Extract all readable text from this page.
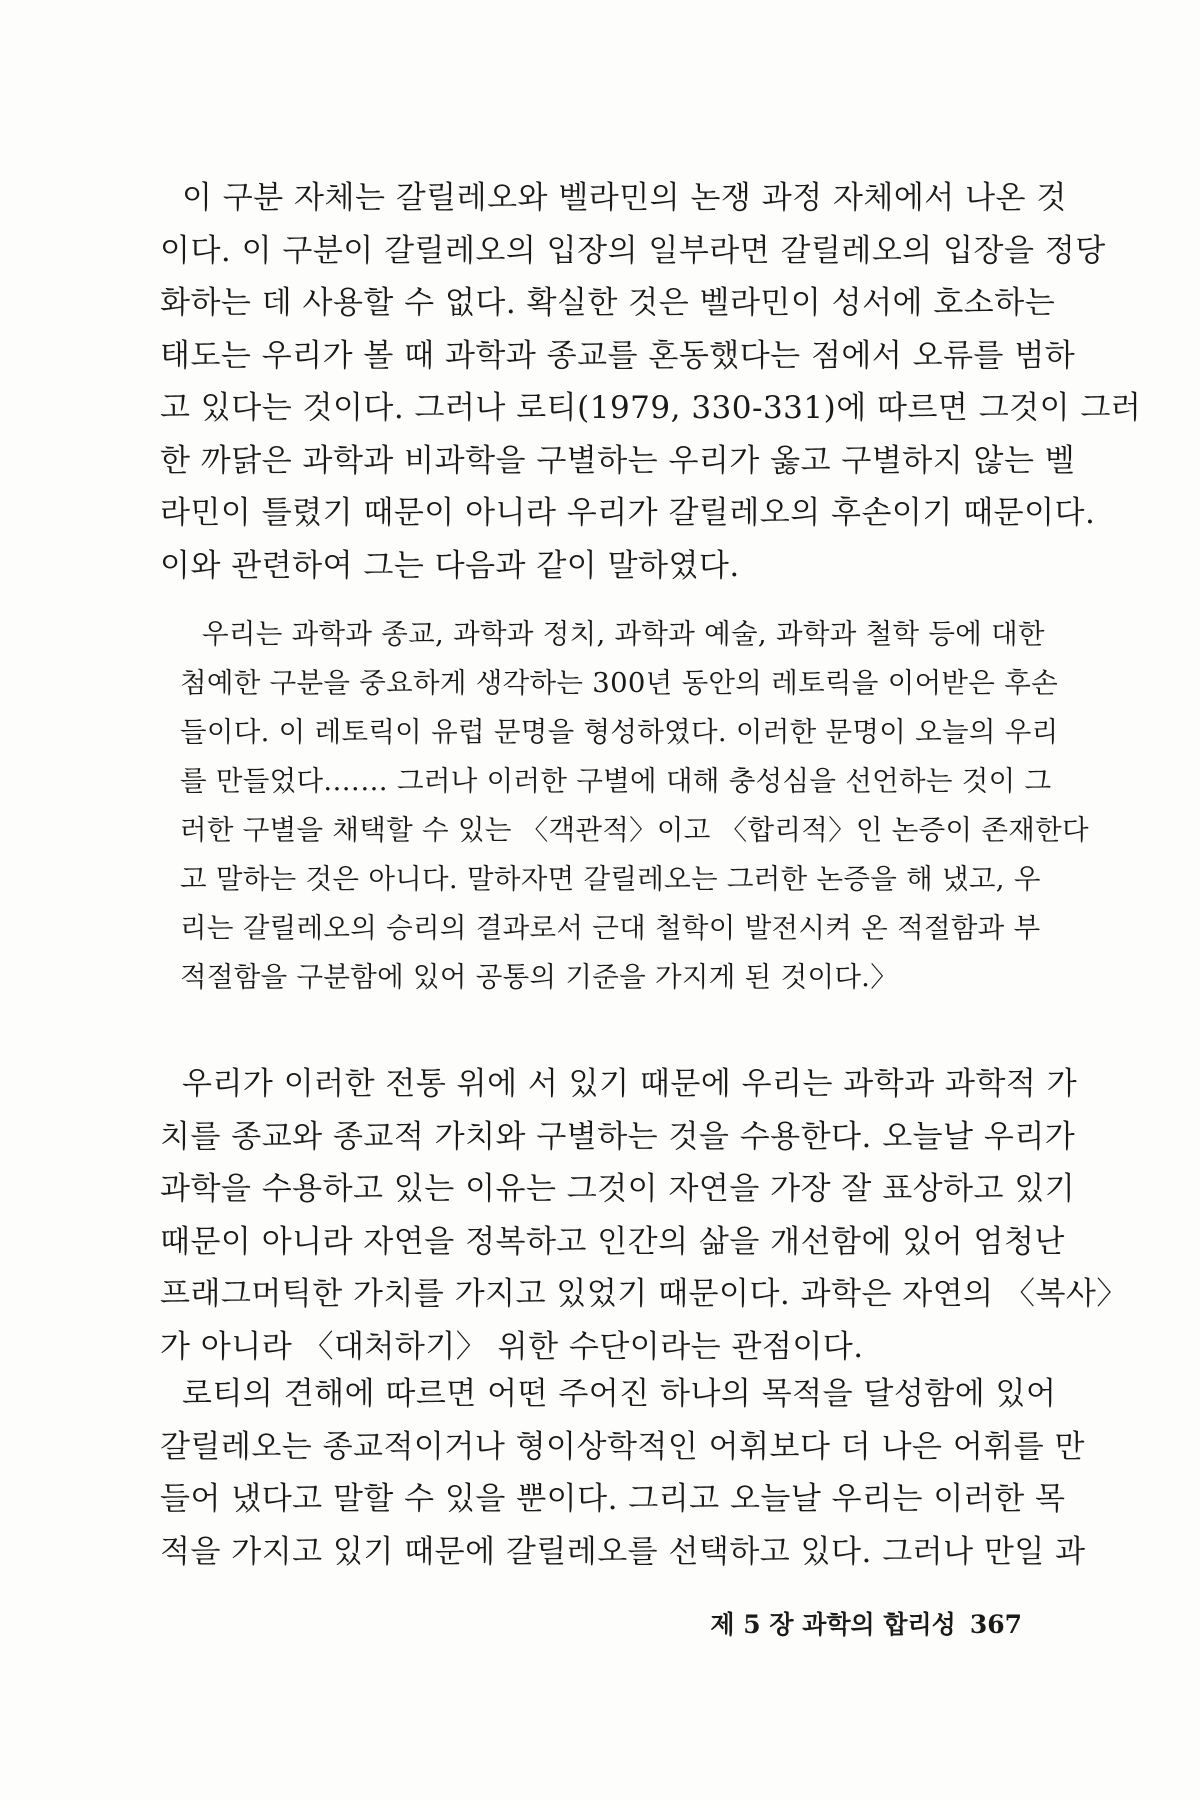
이 구분 자체는 갈릴레오와 벨라민의 논쟁 과정 자체에서 나온 것
이다. 이 구분이 갈릴레오의 입장의 일부라면 갈릴레오의 입장을 정당
화하는 데 사용할 수 없다. 확실한 것은 벨라민이 성서에 호소하는
태도는 우리가 볼 때 과학과 종교를 혼동했다는 점에서 오류를 범하
고 있다는 것이다. 그러나 로티(1979, 330-331)에 따르면 그것이 그러
한 까닭은 과학과 비과학을 구별하는 우리가 옳고 구별하지 않는 벨
라민이 틀렸기 때문이 아니라 우리가 갈릴레오의 후손이기 때문이다.
이와 관련하여 그는 다음과 같이 말하였다.
우리는 과학과 종교, 과학과 정치, 과학과 예술, 과학과 철학 등에 대한
첨예한 구분을 중요하게 생각하는 300년 동안의 레토릭을 이어받은 후손
들이다. 이 레토릭이 유럽 문명을 형성하였다. 이러한 문명이 오늘의 우리
를 만들었다.…… 그러나 이러한 구별에 대해 충성심을 선언하는 것이 그
러한 구별을 채택할 수 있는 〈객관적〉이고 〈합리적〉인 논증이 존재한다
고 말하는 것은 아니다. 말하자면 갈릴레오는 그러한 논증을 해 냈고, 우
리는 갈릴레오의 승리의 결과로서 근대 철학이 발전시켜 온 적절함과 부
적절함을 구분함에 있어 공통의 기준을 가지게 된 것이다.〉
우리가 이러한 전통 위에 서 있기 때문에 우리는 과학과 과학적 가
치를 종교와 종교적 가치와 구별하는 것을 수용한다. 오늘날 우리가
과학을 수용하고 있는 이유는 그것이 자연을 가장 잘 표상하고 있기
때문이 아니라 자연을 정복하고 인간의 삶을 개선함에 있어 엄청난
프래그머틱한 가치를 가지고 있었기 때문이다. 과학은 자연의 〈복사〉
가 아니라 〈대처하기〉 위한 수단이라는 관점이다.
로티의 견해에 따르면 어떤 주어진 하나의 목적을 달성함에 있어
갈릴레오는 종교적이거나 형이상학적인 어휘보다 더 나은 어휘를 만
들어 냈다고 말할 수 있을 뿐이다. 그리고 오늘날 우리는 이러한 목
적을 가지고 있기 때문에 갈릴레오를 선택하고 있다. 그러나 만일 과
제 5 장 과학의 합리성 367
